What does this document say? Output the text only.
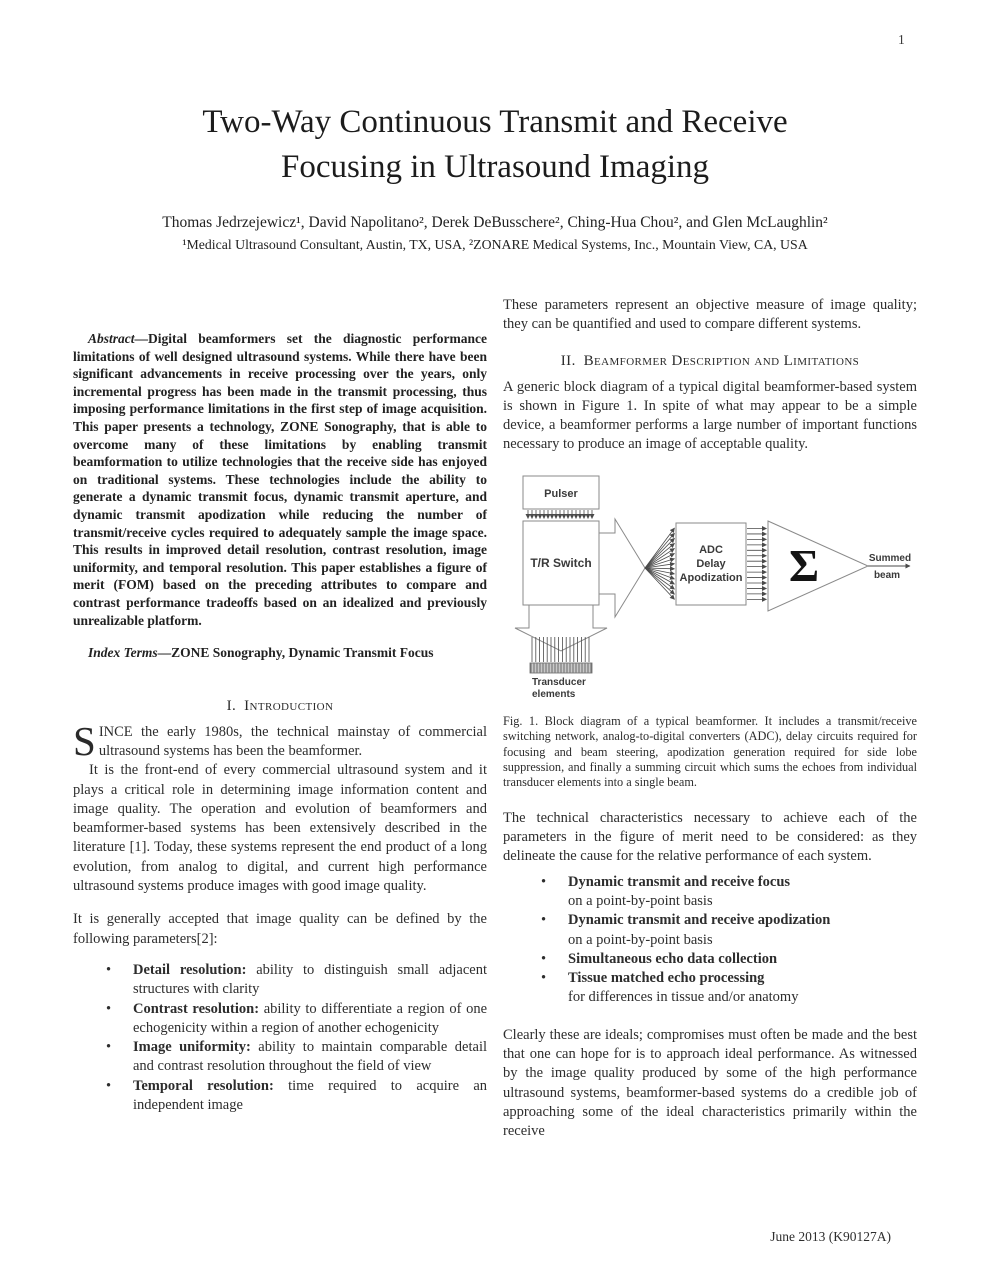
1
Two-Way Continuous Transmit and Receive
Focusing in Ultrasound Imaging
Thomas Jedrzejewicz¹, David Napolitano², Derek DeBusschere², Ching-Hua Chou², and Glen McLaughlin²
¹Medical Ultrasound Consultant, Austin, TX, USA, ²ZONARE Medical Systems, Inc., Mountain View, CA, USA

Abstract—Digital beamformers set the diagnostic performance limitations of well designed ultrasound systems. While there have been significant advancements in receive processing over the years, only incremental progress has been made in the transmit processing, thus imposing performance limitations in the first step of image acquisition. This paper presents a technology, ZONE Sonography, that is able to overcome many of these limitations by enabling transmit beamformation to utilize technologies that the receive side has enjoyed on traditional systems. These technologies include the ability to generate a dynamic transmit focus, dynamic transmit aperture, and dynamic transmit apodization while reducing the number of transmit/receive cycles required to adequately sample the image space. This results in improved detail resolution, contrast resolution, image uniformity, and temporal resolution. This paper establishes a figure of merit (FOM) based on the preceding attributes to compare and contrast performance tradeoffs based on an idealized and previously unrealizable platform.

Index Terms—ZONE Sonography, Dynamic Transmit Focus

I. Introduction

SINCE the early 1980s, the technical mainstay of commercial ultrasound systems has been the beamformer.

It is the front-end of every commercial ultrasound system and it plays a critical role in determining image information content and image quality. The operation and evolution of beamformers and beamformer-based systems has been extensively described in the literature [1]. Today, these systems represent the end product of a long evolution, from analog to digital, and current high performance ultrasound systems produce images with good image quality.

It is generally accepted that image quality can be defined by the following parameters[2]:

• Detail resolution: ability to distinguish small adjacent structures with clarity
• Contrast resolution: ability to differentiate a region of one echogenicity within a region of another echogenicity
• Image uniformity: ability to maintain comparable detail and contrast resolution throughout the field of view
• Temporal resolution: time required to acquire an independent image

These parameters represent an objective measure of image quality; they can be quantified and used to compare different systems.

II. Beamformer Description and Limitations

A generic block diagram of a typical digital beamformer-based system is shown in Figure 1. In spite of what may appear to be a simple device, a beamformer performs a large number of important functions necessary to produce an image of acceptable quality.

Pulser
T/R Switch
ADC
Delay
Apodization Σ	Summed
beam
Transducer
elements

Fig. 1. Block diagram of a typical beamformer. It includes a transmit/receive switching network, analog-to-digital converters (ADC), delay circuits required for focusing and beam steering, apodization generation required for side lobe suppression, and finally a summing circuit which sums the echoes from individual transducer elements into a single beam.

The technical characteristics necessary to achieve each of the parameters in the figure of merit need to be considered: as they delineate the cause for the relative performance of each system.

• Dynamic transmit and receive focus
on a point-by-point basis
• Dynamic transmit and receive apodization
on a point-by-point basis
• Simultaneous echo data collection
• Tissue matched echo processing
for differences in tissue and/or anatomy

Clearly these are ideals; compromises must often be made and the best that one can hope for is to approach ideal performance. As witnessed by the image quality produced by some of the high performance ultrasound systems, beamformer-based systems do a credible job of approaching some of the ideal characteristics primarily within the receive

June 2013 (K90127A)
